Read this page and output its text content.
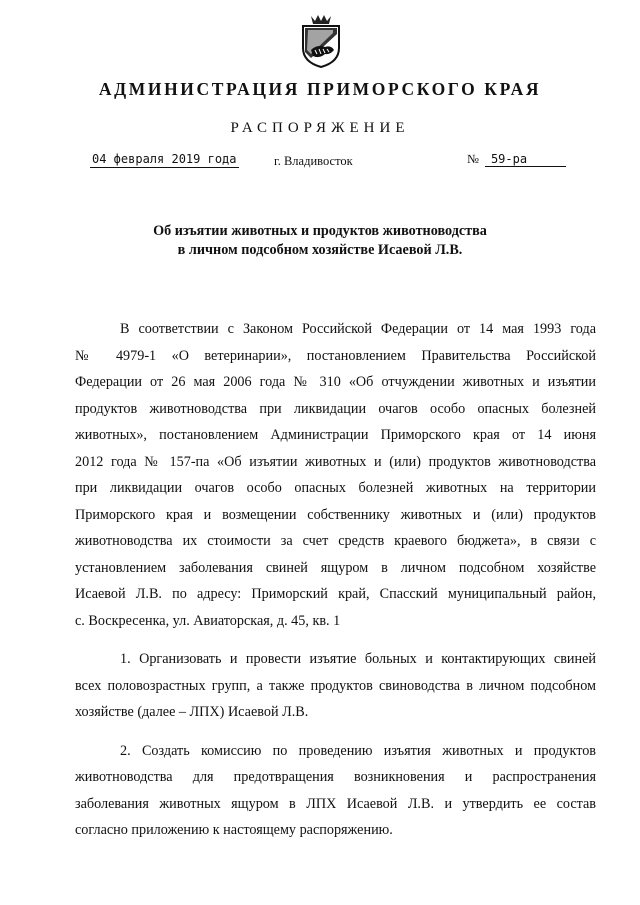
АДМИНИСТРАЦИЯ ПРИМОРСКОГО КРАЯ
РАСПОРЯЖЕНИЕ
04 февраля 2019 года	г. Владивосток	№ 59-ра
Об изъятии животных и продуктов животноводства
в личном подсобном хозяйстве Исаевой Л.В.

В соответствии с Законом Российской Федерации от 14 мая 1993 года
№ 4979-1 «О ветеринарии», постановлением Правительства Российской
Федерации от 26 мая 2006 года № 310 «Об отчуждении животных и изъятии
продуктов животноводства при ликвидации очагов особо опасных болезней
животных», постановлением Администрации Приморского края от 14 июня
2012 года № 157-па «Об изъятии животных и (или) продуктов животноводства
при ликвидации очагов особо опасных болезней животных на территории
Приморского края и возмещении собственнику животных и (или) продуктов
животноводства их стоимости за счет средств краевого бюджета», в связи с
установлением заболевания свиней ящуром в личном подсобном хозяйстве
Исаевой Л.В. по адресу: Приморский край, Спасский муниципальный район,
с. Воскресенка, ул. Авиаторская, д. 45, кв. 1

1. Организовать и провести изъятие больных и контактирующих свиней
всех половозрастных групп, а также продуктов свиноводства в личном подсобном
хозяйстве (далее – ЛПХ) Исаевой Л.В.

2. Создать комиссию по проведению изъятия животных и продуктов
животноводства для предотвращения возникновения и распространения
заболевания животных ящуром в ЛПХ Исаевой Л.В. и утвердить ее состав
согласно приложению к настоящему распоряжению.
